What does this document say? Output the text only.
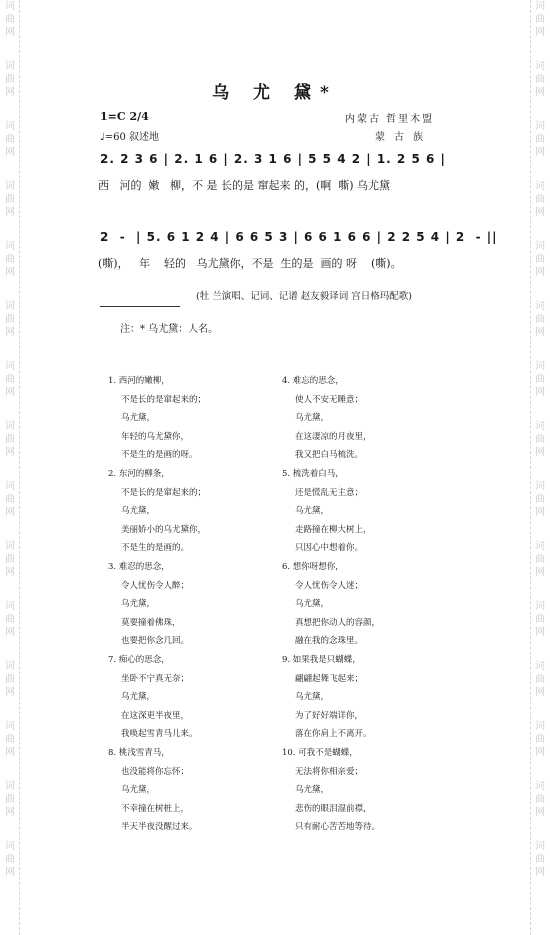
词
曲
网
词
曲
网
词
曲
网
词
曲
网
词
曲
网
词
曲
网
词
曲
网
词
曲
网
词
曲
网
词
曲
网
词
曲
网
词
曲
网
词
曲
网
词
曲
网
词
曲
网
词
曲
网
词
曲
网
词
曲
网
词
曲
网
词
曲
网
词
曲
网
词
曲
网
词
曲
网
词
曲
网
词
曲
网
词
曲
网
词
曲
网
词
曲
网
词
曲
网
词
曲
网
乌 尤 黛*
1=C 2/4
♩=60 叙述地
内蒙古 哲里木盟
蒙古族
2. 2 3 6 | 2. 1 6 | 2. 3 1 6 | 5 5 4 2 | 1. 2 5 6 |
西   河的  嫩   柳，不 是 长的是 窜起来 的，(啊  嘶) 乌尤黛
2  -  | 5. 6 1 2 4 | 6 6 5 3 | 6 6 1 6 6 | 2 2 5 4 | 2  - ||
(嘶)，   年    轻的   乌尤黛你，不是  生的是  画的 呀    (嘶)。
(牡 兰演唱、记词、记谱 赵友毅译词 宫日格玛配歌)
注：* 乌尤黛：人名。
1. 西河的嫩柳，
不是长的是窜起来的；
乌尤黛，
年轻的乌尤黛你，
不是生的是画的呀。
2. 东河的柳条，
不是长的是窜起来的；
乌尤黛，
美丽娇小的乌尤黛你，
不是生的是画的。
3. 难忍的思念，
令人忧伤令人醉；
乌尤黛，
莫要撞着佛珠，
也要把你念几回。
7. 痴心的思念，
坐卧不宁真无奈；
乌尤黛，
在这深更半夜里，
我唤起雪青马儿来。
8. 桃浅雪青马，
也没能将你忘怀；
乌尤黛，
不幸撞在树桩上，
半天半夜没醒过来。
4. 难忘的思念，
使人不安无睡意；
乌尤黛，
在这凄凉的月夜里，
我又把白马梳洗。
5. 梳洗着白马，
还是慌乱无主意；
乌尤黛，
走路撞在柳大树上，
只因心中想着你。
6. 想你呀想你，
令人忧伤令人迷；
乌尤黛，
真想把你动人的容颜，
融在我的念珠里。
9. 如果我是只蝴蝶，
翩翩起舞飞起来；
乌尤黛，
为了好好端详你，
落在你肩上不离开。
10. 可我不是蝴蝶，
无法将你相亲爱；
乌尤黛，
悲伤的眼泪湿前襟，
只有耐心苦苦地等待。
